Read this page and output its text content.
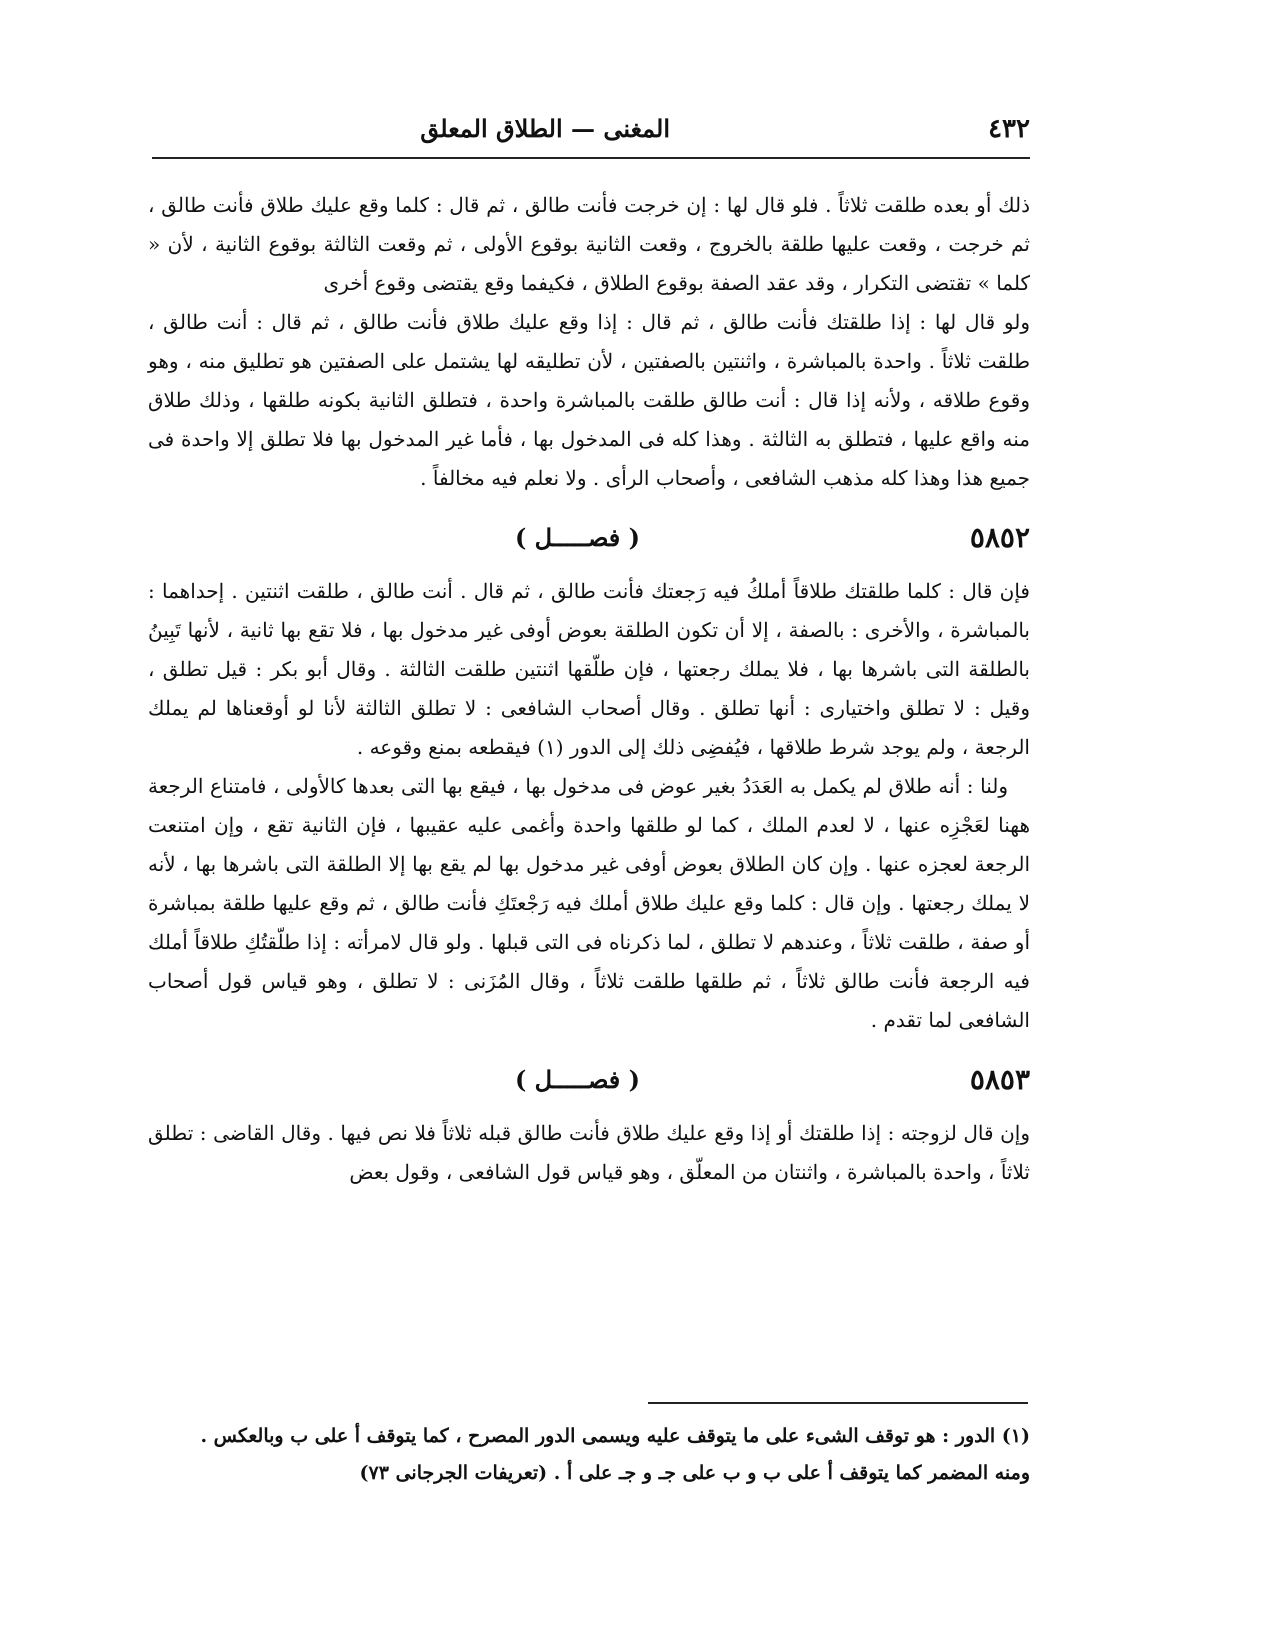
٤٣٢
المغنى — الطلاق المعلق

ذلك أو بعده طلقت ثلاثاً . فلو قال لها : إن خرجت فأنت طالق ، ثم قال : كلما وقع عليك طلاق فأنت طالق ، ثم خرجت ، وقعت عليها طلقة بالخروج ، وقعت الثانية بوقوع الأولى ، ثم وقعت الثالثة بوقوع الثانية ، لأن « كلما » تقتضى التكرار ، وقد عقد الصفة بوقوع الطلاق ، فكيفما وقع يقتضى وقوع أخرى

ولو قال لها : إذا طلقتك فأنت طالق ، ثم قال : إذا وقع عليك طلاق فأنت طالق ، ثم قال : أنت طالق ، طلقت ثلاثاً . واحدة بالمباشرة ، واثنتين بالصفتين ، لأن تطليقه لها يشتمل على الصفتين هو تطليق منه ، وهو وقوع طلاقه ، ولأنه إذا قال : أنت طالق طلقت بالمباشرة واحدة ، فتطلق الثانية بكونه طلقها ، وذلك طلاق منه واقع عليها ، فتطلق به الثالثة . وهذا كله فى المدخول بها ، فأما غير المدخول بها فلا تطلق إلا واحدة فى جميع هذا وهذا كله مذهب الشافعى ، وأصحاب الرأى . ولا نعلم فيه مخالفاً .

٥٨٥٢
( فصـــــل )

فإن قال : كلما طلقتك طلاقاً أملكُ فيه رَجعتك فأنت طالق ، ثم قال . أنت طالق ، طلقت اثنتين . إحداهما : بالمباشرة ، والأخرى : بالصفة ، إلا أن تكون الطلقة بعوض أوفى غير مدخول بها ، فلا تقع بها ثانية ، لأنها تَبِينُ بالطلقة التى باشرها بها ، فلا يملك رجعتها ، فإن طلّقها اثنتين طلقت الثالثة . وقال أبو بكر : قيل تطلق ، وقيل : لا تطلق واختيارى : أنها تطلق . وقال أصحاب الشافعى : لا تطلق الثالثة لأنا لو أوقعناها لم يملك الرجعة ، ولم يوجد شرط طلاقها ، فيُفضِى ذلك إلى الدور (١) فيقطعه بمنع وقوعه .

ولنا : أنه طلاق لم يكمل به العَدَدُ بغير عوض فى مدخول بها ، فيقع بها التى بعدها كالأولى ، فامتناع الرجعة ههنا لعَجْزِه عنها ، لا لعدم الملك ، كما لو طلقها واحدة وأغمى عليه عقيبها ، فإن الثانية تقع ، وإن امتنعت الرجعة لعجزه عنها . وإن كان الطلاق بعوض أوفى غير مدخول بها لم يقع بها إلا الطلقة التى باشرها بها ، لأنه لا يملك رجعتها . وإن قال : كلما وقع عليك طلاق أملك فيه رَجْعتَكِ فأنت طالق ، ثم وقع عليها طلقة بمباشرة أو صفة ، طلقت ثلاثاً ، وعندهم لا تطلق ، لما ذكرناه فى التى قبلها . ولو قال لامرأته : إذا طلّقتُكِ طلاقاً أملك فيه الرجعة فأنت طالق ثلاثاً ، ثم طلقها طلقت ثلاثاً ، وقال المُزَنى : لا تطلق ، وهو قياس قول أصحاب الشافعى لما تقدم .

٥٨٥٣
( فصـــــل )

وإن قال لزوجته : إذا طلقتك أو إذا وقع عليك طلاق فأنت طالق قبله ثلاثاً فلا نص فيها . وقال القاضى : تطلق ثلاثاً ، واحدة بالمباشرة ، واثنتان من المعلّق ، وهو قياس قول الشافعى ، وقول بعض

(١) الدور : هو توقف الشىء على ما يتوقف عليه ويسمى الدور المصرح ، كما يتوقف أ على ب وبالعكس .

ومنه المضمر كما يتوقف أ على ب و ب على جـ و جـ على أ . (تعريفات الجرجانى ٧٣)
